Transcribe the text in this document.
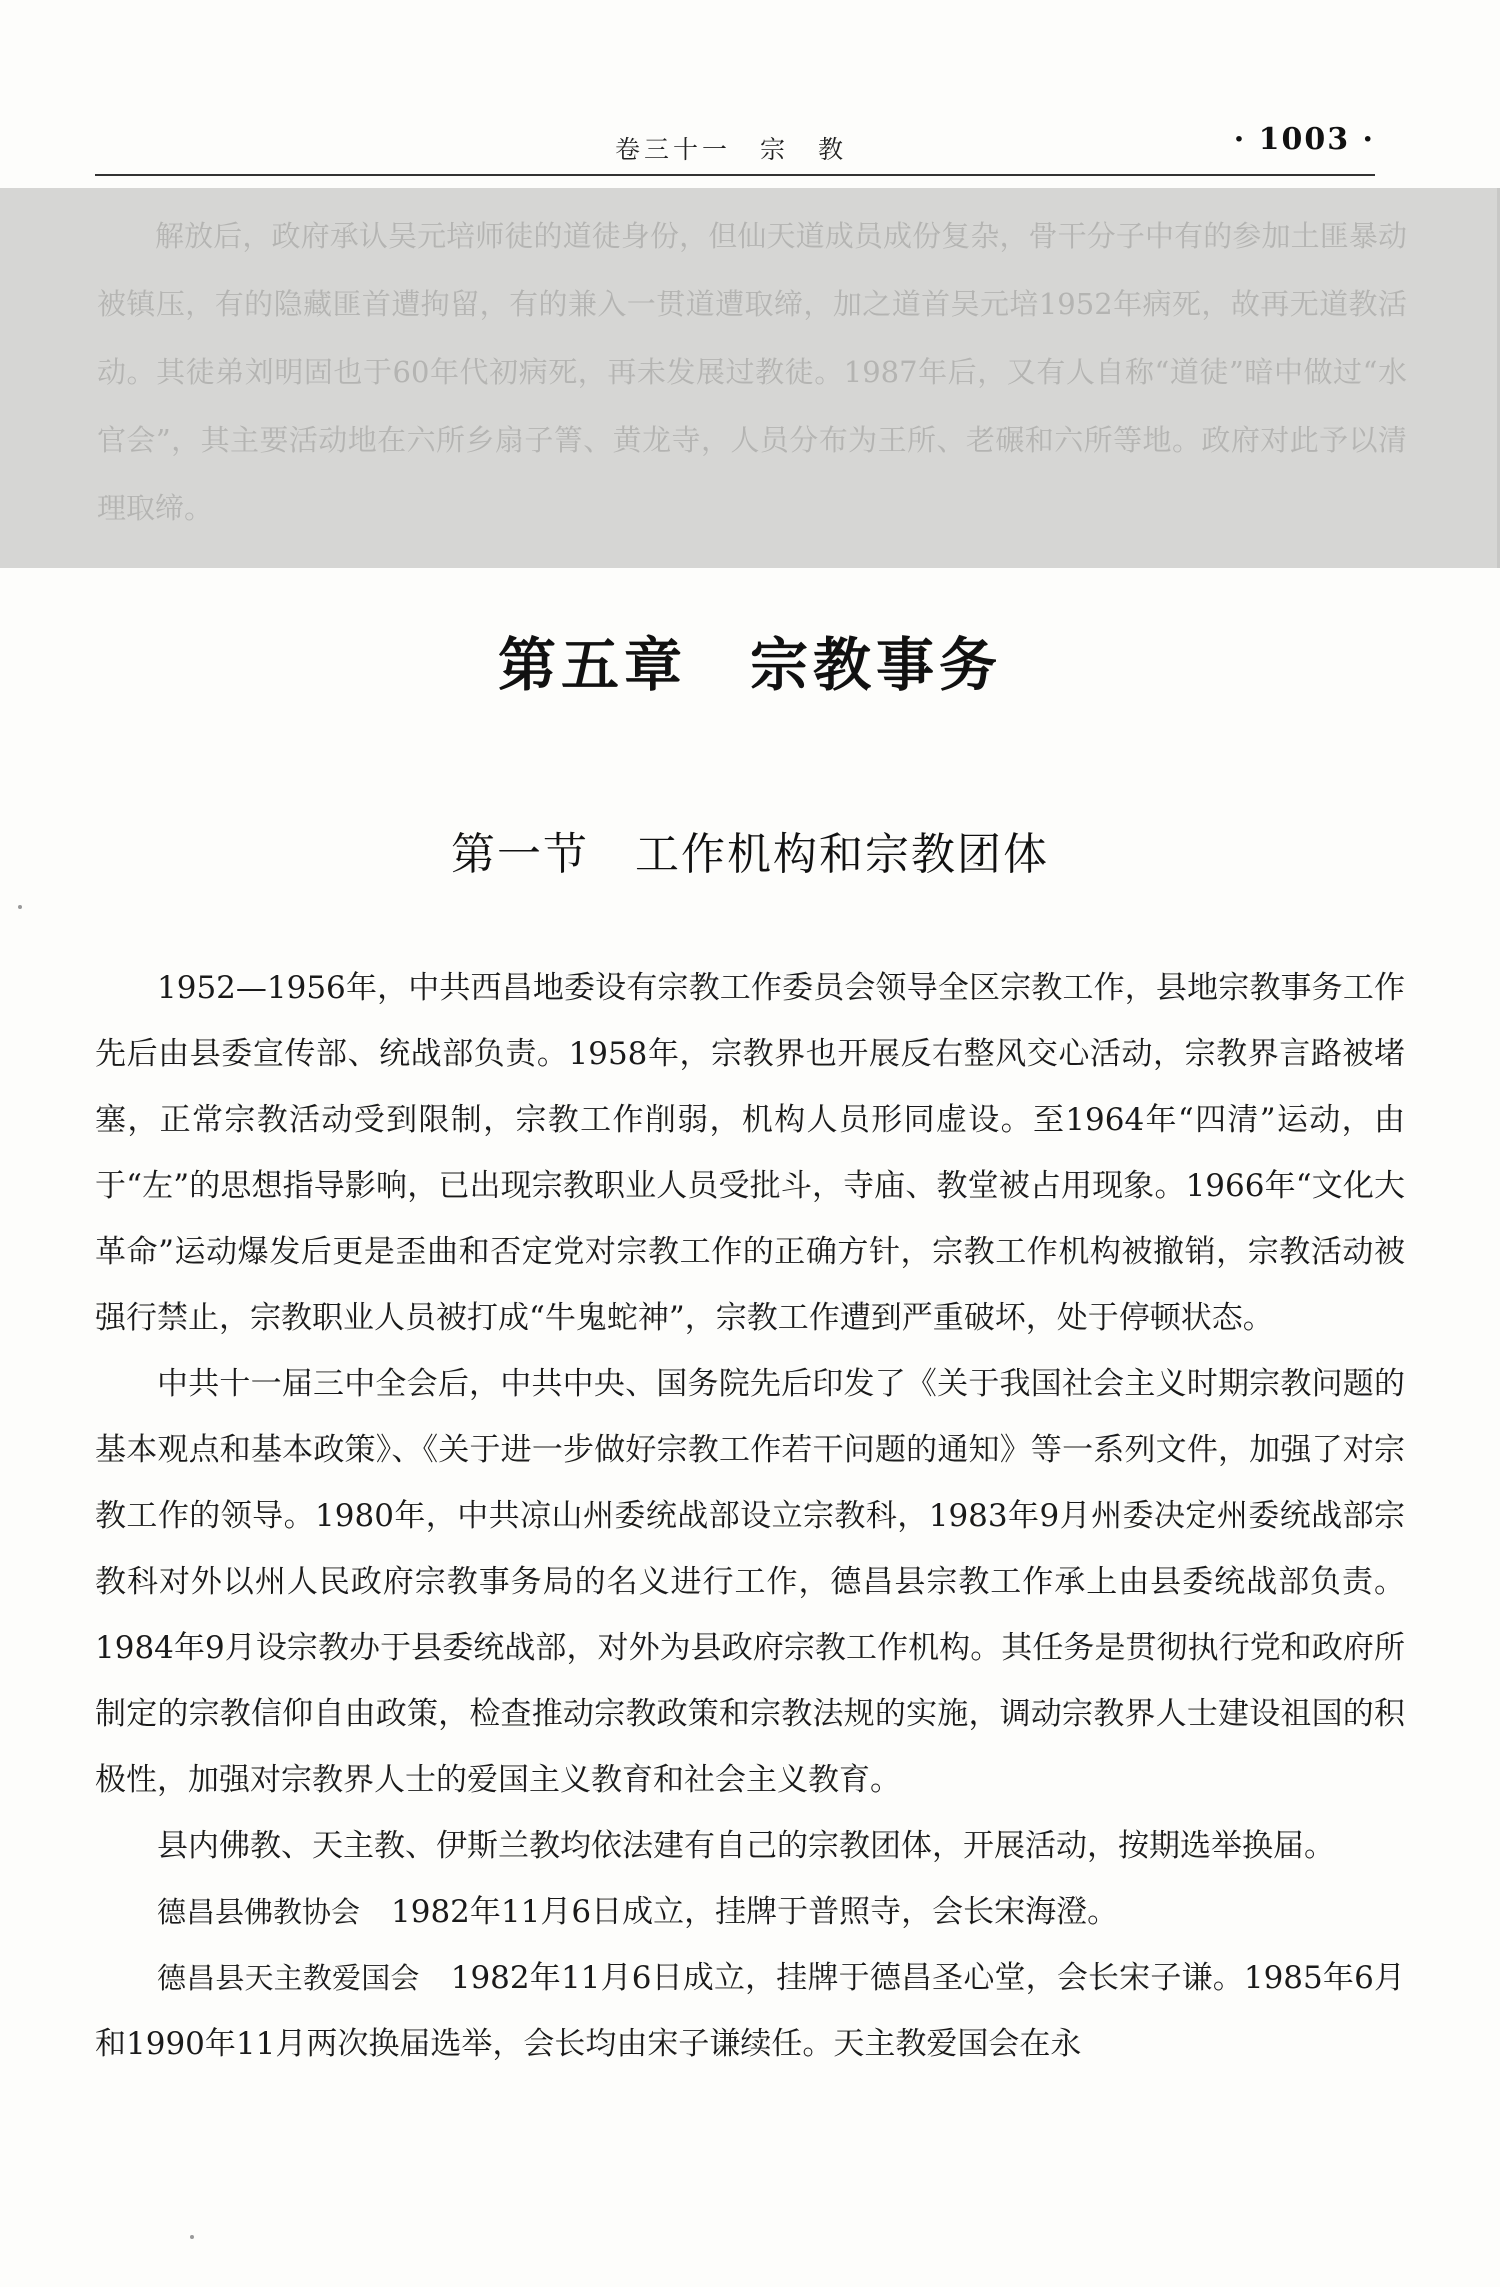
卷三十一　宗　教	· 1003 ·

解放后，政府承认吴元培师徒的道徒身份，但仙天道成员成份复杂，骨干分子中有的参加土匪暴动被镇压，有的隐藏匪首遭拘留，有的兼入一贯道遭取缔，加之道首吴元培1952年病死，故再无道教活动。其徒弟刘明固也于60年代初病死，再未发展过教徒。1987年后，又有人自称“道徒”暗中做过“水官会”，其主要活动地在六所乡扇子箐、黄龙寺，人员分布为王所、老碾和六所等地。政府对此予以清理取缔。

第五章　宗教事务
第一节　工作机构和宗教团体

1952—1956年，中共西昌地委设有宗教工作委员会领导全区宗教工作，县地宗教事务工作先后由县委宣传部、统战部负责。1958年，宗教界也开展反右整风交心活动，宗教界言路被堵塞，正常宗教活动受到限制，宗教工作削弱，机构人员形同虚设。至1964年“四清”运动，由于“左”的思想指导影响，已出现宗教职业人员受批斗，寺庙、教堂被占用现象。1966年“文化大革命”运动爆发后更是歪曲和否定党对宗教工作的正确方针，宗教工作机构被撤销，宗教活动被强行禁止，宗教职业人员被打成“牛鬼蛇神”，宗教工作遭到严重破坏，处于停顿状态。

中共十一届三中全会后，中共中央、国务院先后印发了《关于我国社会主义时期宗教问题的基本观点和基本政策》、《关于进一步做好宗教工作若干问题的通知》等一系列文件，加强了对宗教工作的领导。1980年，中共凉山州委统战部设立宗教科，1983年9月州委决定州委统战部宗教科对外以州人民政府宗教事务局的名义进行工作，德昌县宗教工作承上由县委统战部负责。1984年9月设宗教办于县委统战部，对外为县政府宗教工作机构。其任务是贯彻执行党和政府所制定的宗教信仰自由政策，检查推动宗教政策和宗教法规的实施，调动宗教界人士建设祖国的积极性，加强对宗教界人士的爱国主义教育和社会主义教育。

县内佛教、天主教、伊斯兰教均依法建有自己的宗教团体，开展活动，按期选举换届。

德昌县佛教协会　1982年11月6日成立，挂牌于普照寺，会长宋海澄。

德昌县天主教爱国会　1982年11月6日成立，挂牌于德昌圣心堂，会长宋子谦。1985年6月和1990年11月两次换届选举，会长均由宋子谦续任。天主教爱国会在永
